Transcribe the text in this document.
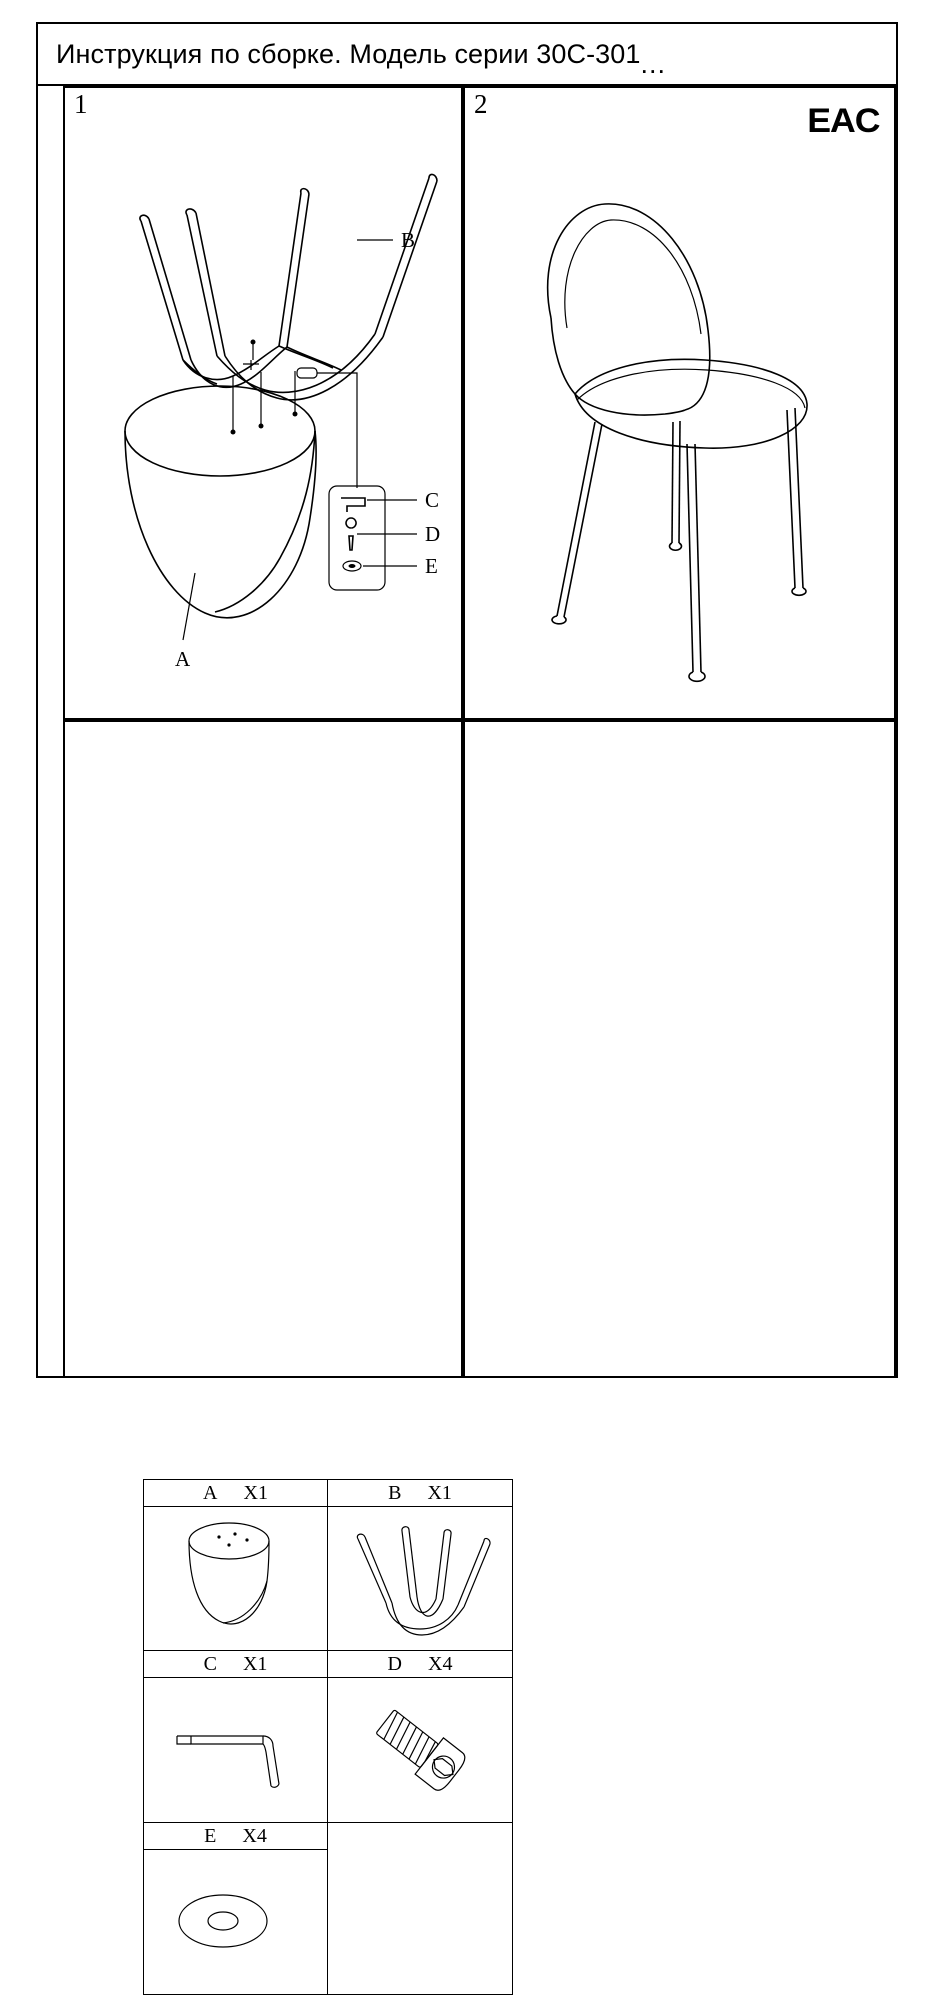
Инструкция по сборке. Модель серии 30С-301 ...
1
B
A
C
D
E
2	EAC
A X1	B X1
C X1	D X4
E X4
